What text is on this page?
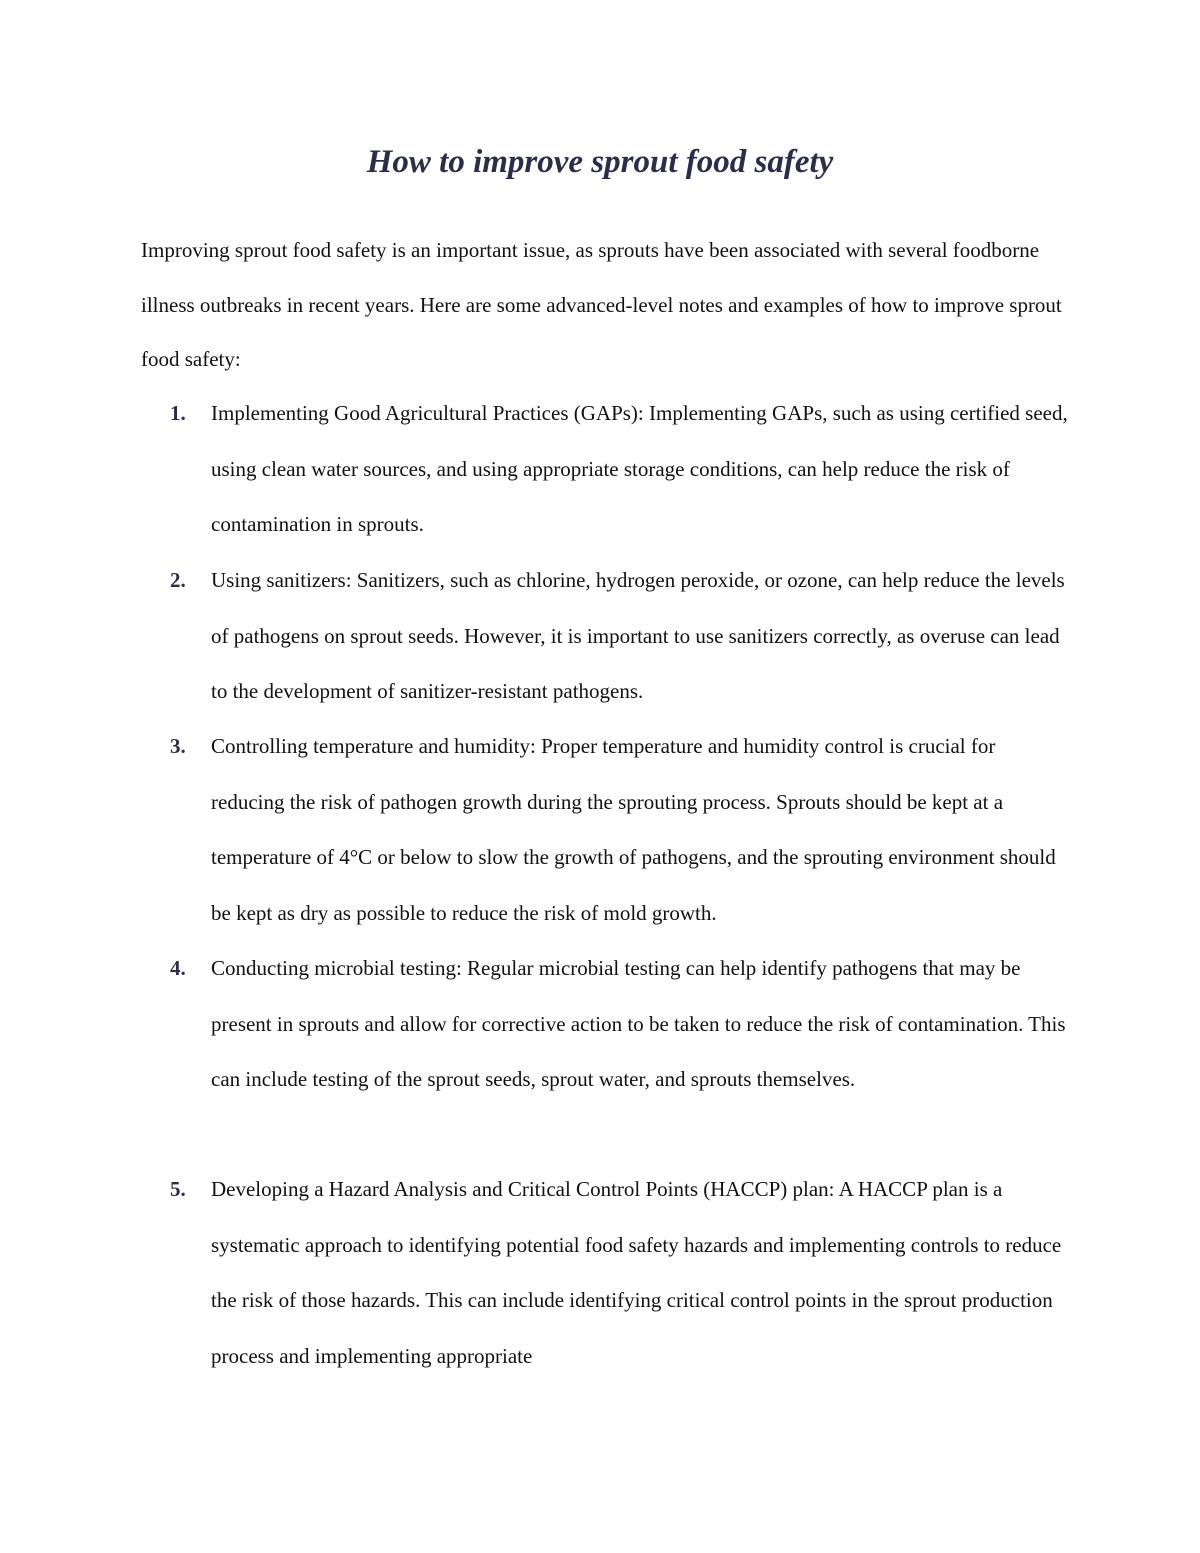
How to improve sprout food safety
Improving sprout food safety is an important issue, as sprouts have been associated with several foodborne illness outbreaks in recent years. Here are some advanced-level notes and examples of how to improve sprout food safety:
1.	Implementing Good Agricultural Practices (GAPs): Implementing GAPs, such as using certified seed, using clean water sources, and using appropriate storage conditions, can help reduce the risk of contamination in sprouts.
2.	Using sanitizers: Sanitizers, such as chlorine, hydrogen peroxide, or ozone, can help reduce the levels of pathogens on sprout seeds. However, it is important to use sanitizers correctly, as overuse can lead to the development of sanitizer-resistant pathogens.
3.	Controlling temperature and humidity: Proper temperature and humidity control is crucial for reducing the risk of pathogen growth during the sprouting process. Sprouts should be kept at a temperature of 4°C or below to slow the growth of pathogens, and the sprouting environment should be kept as dry as possible to reduce the risk of mold growth.
4.	Conducting microbial testing: Regular microbial testing can help identify pathogens that may be present in sprouts and allow for corrective action to be taken to reduce the risk of contamination. This can include testing of the sprout seeds, sprout water, and sprouts themselves.
5.	Developing a Hazard Analysis and Critical Control Points (HACCP) plan: A HACCP plan is a systematic approach to identifying potential food safety hazards and implementing controls to reduce the risk of those hazards. This can include identifying critical control points in the sprout production process and implementing appropriate
